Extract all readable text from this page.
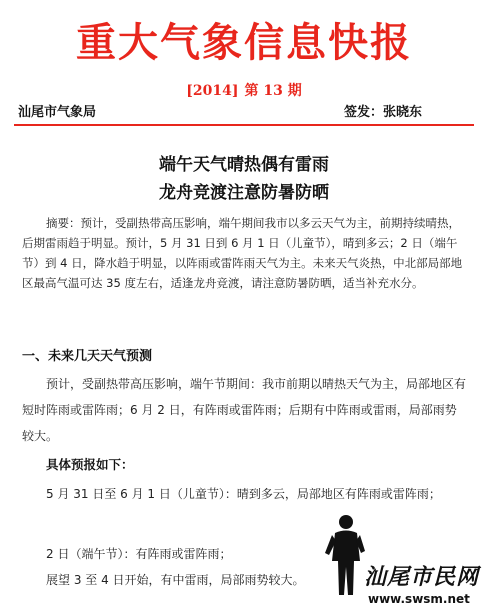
重大气象信息快报
[2014] 第 13 期
汕尾市气象局	签发：张晓东
端午天气晴热偶有雷雨
龙舟竞渡注意防暑防晒
摘要：预计，受副热带高压影响，端午期间我市以多云天气为主，前期持续晴热，后期雷雨趋于明显。预计，5 月 31 日到 6 月 1 日（儿童节），晴到多云；2 日（端午节）到 4 日，降水趋于明显，以阵雨或雷阵雨天气为主。未来天气炎热，中北部局部地区最高气温可达 35 度左右，适逢龙舟竞渡，请注意防暑防晒，适当补充水分。
一、未来几天天气预测
预计，受副热带高压影响，端午节期间：我市前期以晴热天气为主，局部地区有短时阵雨或雷阵雨；6 月 2 日，有阵雨或雷阵雨；后期有中阵雨或雷雨，局部雨势较大。
具体预报如下：
5 月 31 日至 6 月 1 日（儿童节）：晴到多云，局部地区有阵雨或雷阵雨；
2 日（端午节）：有阵雨或雷阵雨；
展望 3 至 4 日开始，有中雷雨，局部雨势较大。	汕尾市民网
www.swsm.net
